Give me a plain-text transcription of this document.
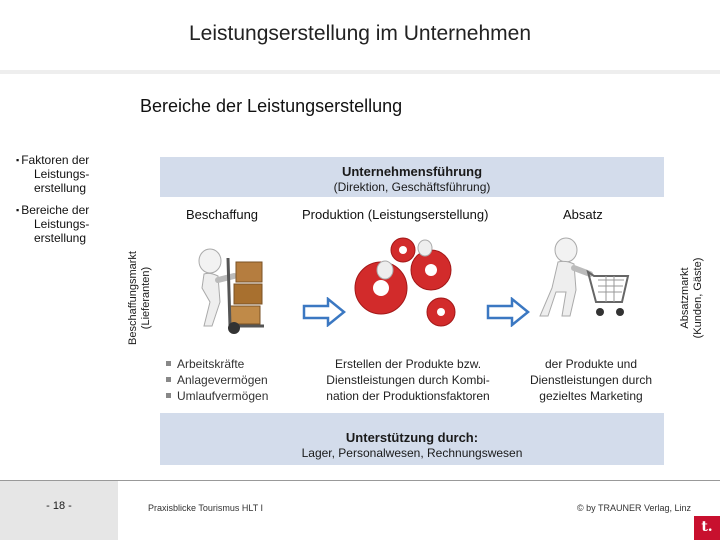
Leistungserstellung im Unternehmen
Bereiche der Leistungserstellung
▪ Faktoren der
Leistungs-
erstellung
▪ Bereiche der
Leistungs-
erstellung
Unternehmensführung
(Direktion, Geschäftsführung)
Beschaffungsmarkt (Lieferanten)	Absatzmarkt (Kunden, Gäste)
Beschaffung	Produktion (Leistungserstellung)	Absatz
Arbeitskräfte
Anlagevermögen
Umlaufvermögen
Erstellen der Produkte bzw.
Dienstleistungen durch Kombi-
nation der Produktionsfaktoren
der Produkte und
Dienstleistungen durch
gezieltes Marketing
Unterstützung durch:
Lager, Personalwesen, Rechnungswesen
- 18 -	Praxisblicke Tourismus HLT I	© by TRAUNER Verlag, Linz
t.
